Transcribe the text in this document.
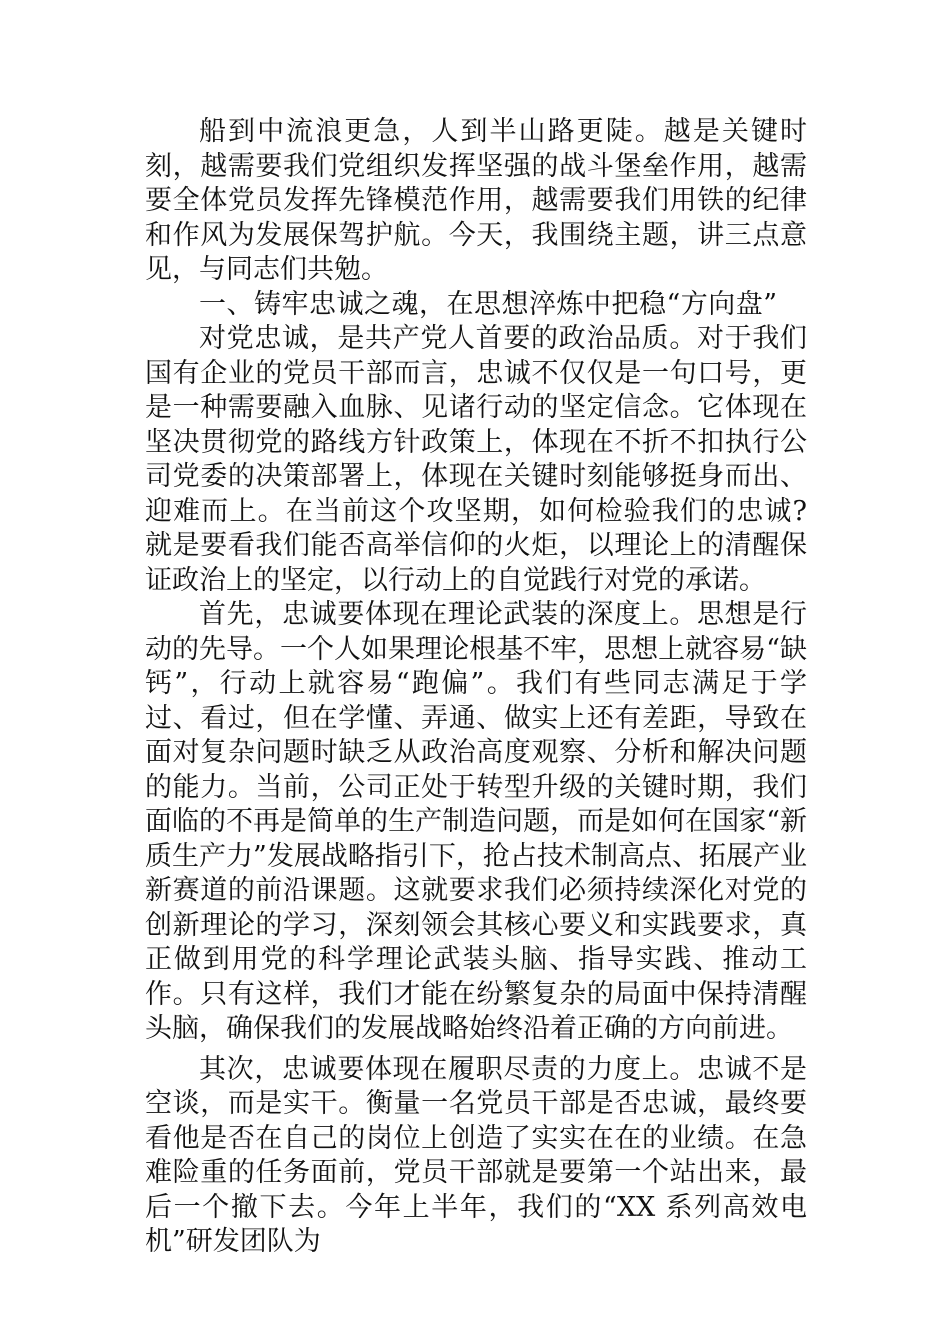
船到中流浪更急，人到半山路更陡。越是关键时刻，越需要我们党组织发挥坚强的战斗堡垒作用，越需要全体党员发挥先锋模范作用，越需要我们用铁的纪律和作风为发展保驾护航。今天，我围绕主题，讲三点意见，与同志们共勉。

一、铸牢忠诚之魂，在思想淬炼中把稳“方向盘”

对党忠诚，是共产党人首要的政治品质。对于我们国有企业的党员干部而言，忠诚不仅仅是一句口号，更是一种需要融入血脉、见诸行动的坚定信念。它体现在坚决贯彻党的路线方针政策上，体现在不折不扣执行公司党委的决策部署上，体现在关键时刻能够挺身而出、迎难而上。在当前这个攻坚期，如何检验我们的忠诚?就是要看我们能否高举信仰的火炬，以理论上的清醒保证政治上的坚定，以行动上的自觉践行对党的承诺。

首先，忠诚要体现在理论武装的深度上。思想是行动的先导。一个人如果理论根基不牢，思想上就容易“缺钙”，行动上就容易“跑偏”。我们有些同志满足于学过、看过，但在学懂、弄通、做实上还有差距，导致在面对复杂问题时缺乏从政治高度观察、分析和解决问题的能力。当前，公司正处于转型升级的关键时期，我们面临的不再是简单的生产制造问题，而是如何在国家“新质生产力”发展战略指引下，抢占技术制高点、拓展产业新赛道的前沿课题。这就要求我们必须持续深化对党的创新理论的学习，深刻领会其核心要义和实践要求，真正做到用党的科学理论武装头脑、指导实践、推动工作。只有这样，我们才能在纷繁复杂的局面中保持清醒头脑，确保我们的发展战略始终沿着正确的方向前进。

其次，忠诚要体现在履职尽责的力度上。忠诚不是空谈，而是实干。衡量一名党员干部是否忠诚，最终要看他是否在自己的岗位上创造了实实在在的业绩。在急难险重的任务面前，党员干部就是要第一个站出来，最后一个撤下去。今年上半年，我们的“XX 系列高效电机”研发团队为
